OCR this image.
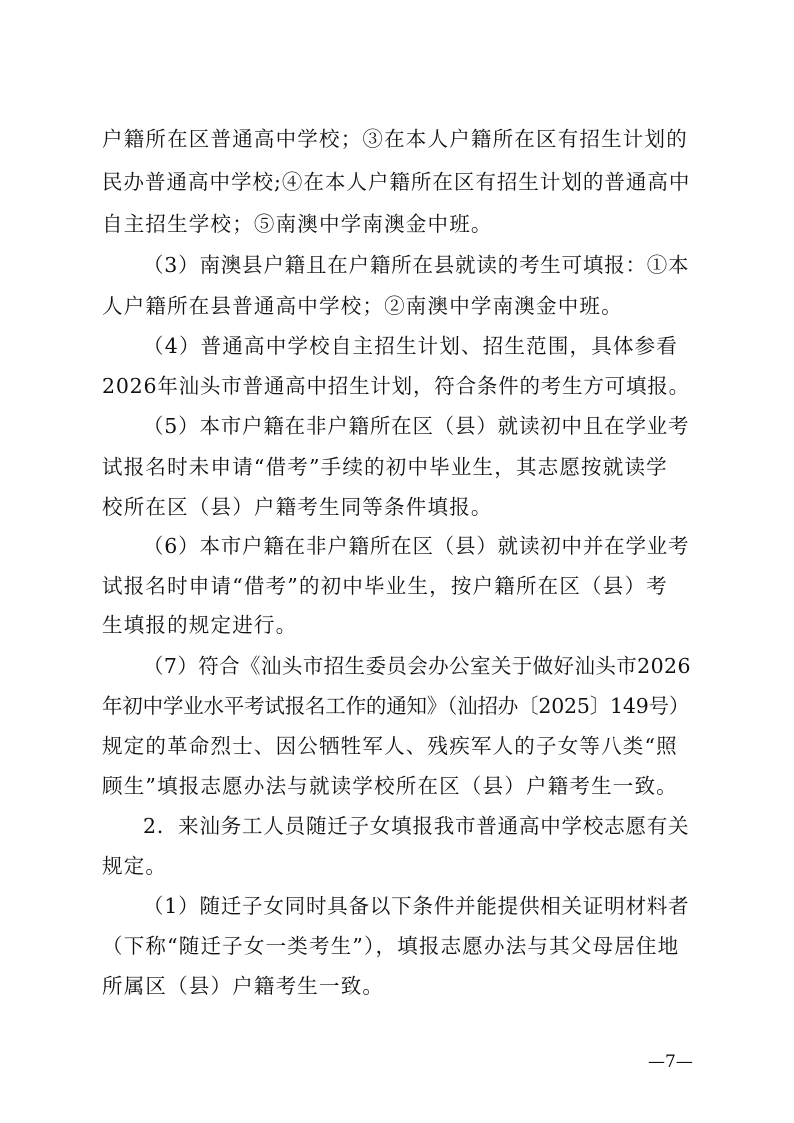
户籍所在区普通高中学校；③在本人户籍所在区有招生计划的
民办普通高中学校;④在本人户籍所在区有招生计划的普通高中
自主招生学校；⑤南澳中学南澳金中班。
（3）南澳县户籍且在户籍所在县就读的考生可填报：①本
人户籍所在县普通高中学校；②南澳中学南澳金中班。
（4）普通高中学校自主招生计划、招生范围，具体参看
2026年汕头市普通高中招生计划，符合条件的考生方可填报。
（5）本市户籍在非户籍所在区（县）就读初中且在学业考
试报名时未申请“借考”手续的初中毕业生，其志愿按就读学
校所在区（县）户籍考生同等条件填报。
（6）本市户籍在非户籍所在区（县）就读初中并在学业考
试报名时申请“借考”的初中毕业生，按户籍所在区（县）考
生填报的规定进行。
（7）符合《汕头市招生委员会办公室关于做好汕头市2026
年初中学业水平考试报名工作的通知》（汕招办〔2025〕149号）
规定的革命烈士、因公牺牲军人、残疾军人的子女等八类“照
顾生”填报志愿办法与就读学校所在区（县）户籍考生一致。
2．来汕务工人员随迁子女填报我市普通高中学校志愿有关
规定。
（1）随迁子女同时具备以下条件并能提供相关证明材料者
（下称“随迁子女一类考生”），填报志愿办法与其父母居住地
所属区（县）户籍考生一致。
—7—
